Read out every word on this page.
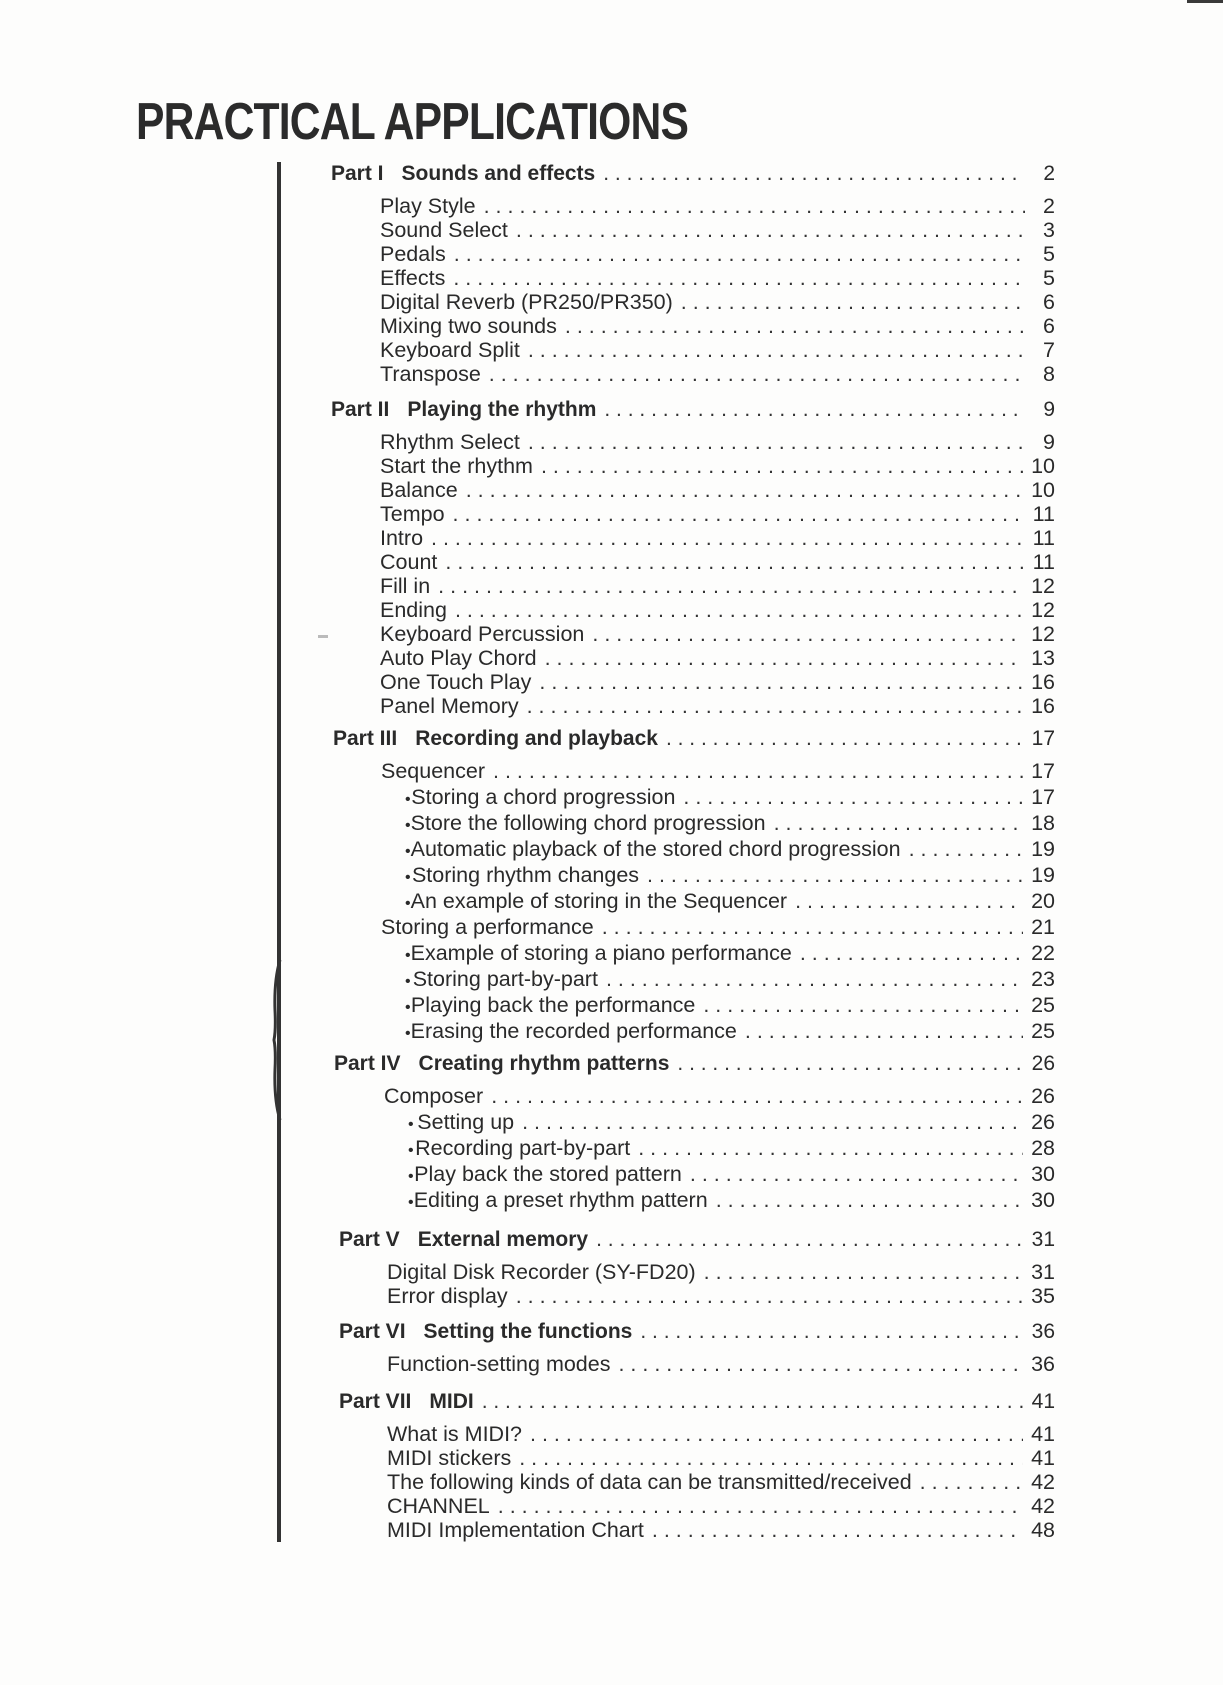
PRACTICAL APPLICATIONS
Part I Sounds and effects . . .	2
Play Style . . .	2
Sound Select . . .	3
Pedals . . .	5
Effects . . .	5
Digital Reverb (PR250/PR350) . . .	6
Mixing two sounds . . .	6
Keyboard Split . . .	7
Transpose . . .	8
Part II Playing the rhythm . . .	9
Rhythm Select . . .	9
Start the rhythm . . .	10
Balance . . .	10
Tempo . . .	11
Intro . . .	11
Count . . .	11
Fill in . . .	12
Ending . . .	12
Keyboard Percussion . . .	12
Auto Play Chord . . .	13
One Touch Play . . .	16
Panel Memory . . .	16
Part III Recording and playback . . .	17
Sequencer . . .	17
• Storing a chord progression . . .	17
• Store the following chord progression . . .	18
• Automatic playback of the stored chord progression . . .	19
• Storing rhythm changes . . .	19
• An example of storing in the Sequencer . . .	20
Storing a performance . . .	21
• Example of storing a piano performance . . .	22
• Storing part-by-part . . .	23
• Playing back the performance . . .	25
• Erasing the recorded performance . . .	25
Part IV Creating rhythm patterns . . .	26
Composer . . .	26
• Setting up . . .	26
• Recording part-by-part . . .	28
• Play back the stored pattern . . .	30
• Editing a preset rhythm pattern . . .	30
Part V External memory . . .	31
Digital Disk Recorder (SY-FD20) . . .	31
Error display . . .	35
Part VI Setting the functions . . .	36
Function-setting modes . . .	36
Part VII MIDI . . .	41
What is MIDI? . . .	41
MIDI stickers . . .	41
The following kinds of data can be transmitted/received . . .	42
CHANNEL . . .	42
MIDI Implementation Chart . . .	48
